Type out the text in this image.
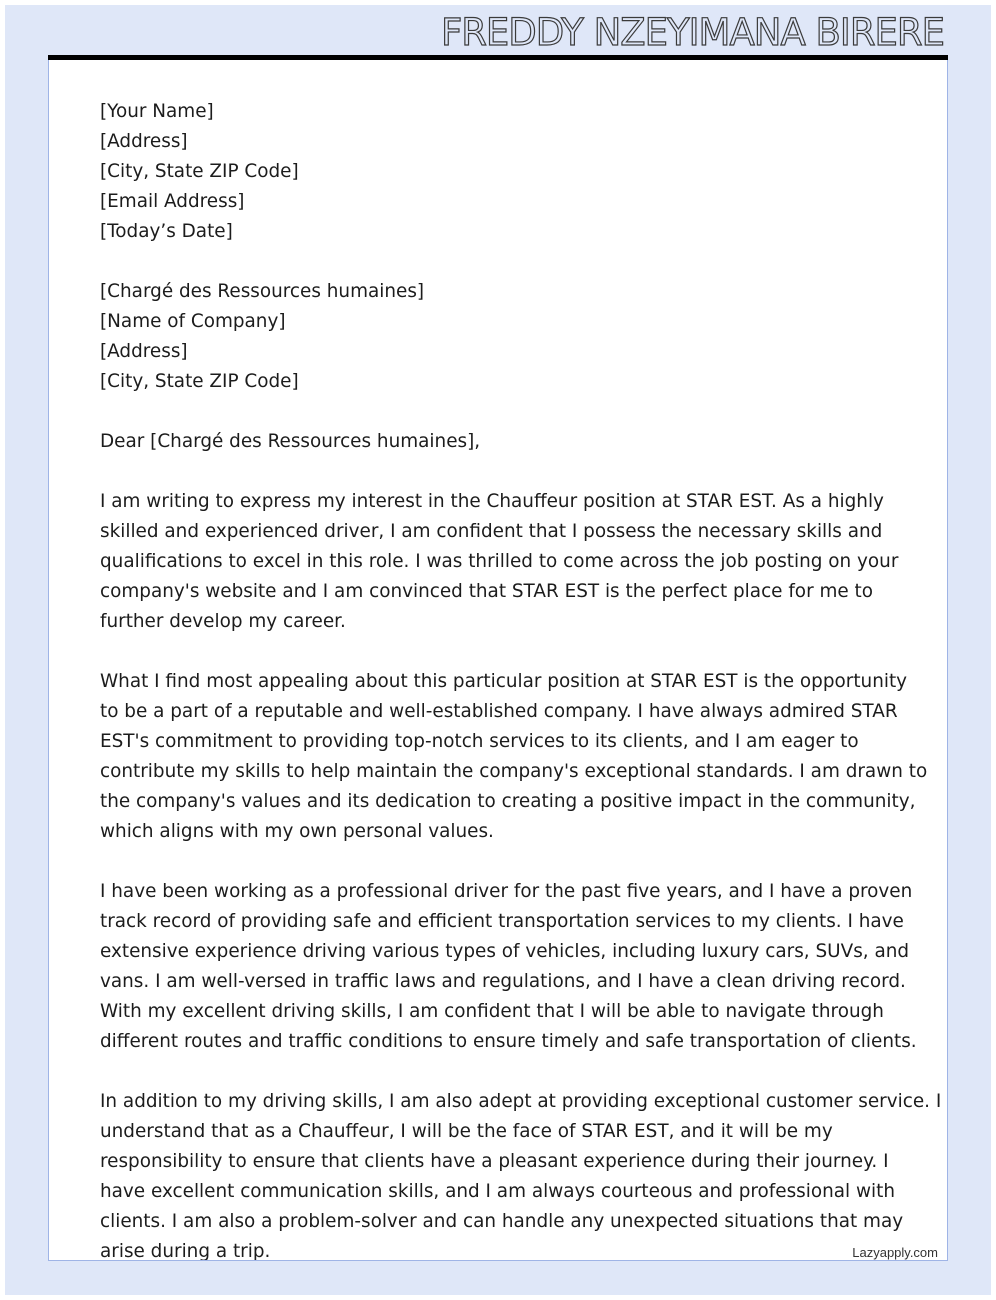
FREDDY NZEYIMANA BIRERE
[Your Name]
[Address]
[City, State ZIP Code]
[Email Address]
[Today’s Date]
[Chargé des Ressources humaines]
[Name of Company]
[Address]
[City, State ZIP Code]
Dear [Chargé des Ressources humaines],
I am writing to express my interest in the Chauffeur position at STAR EST. As a highly
skilled and experienced driver, I am confident that I possess the necessary skills and
qualifications to excel in this role. I was thrilled to come across the job posting on your
company's website and I am convinced that STAR EST is the perfect place for me to
further develop my career.
What I find most appealing about this particular position at STAR EST is the opportunity
to be a part of a reputable and well-established company. I have always admired STAR
EST's commitment to providing top-notch services to its clients, and I am eager to
contribute my skills to help maintain the company's exceptional standards. I am drawn to
the company's values and its dedication to creating a positive impact in the community,
which aligns with my own personal values.
I have been working as a professional driver for the past five years, and I have a proven
track record of providing safe and efficient transportation services to my clients. I have
extensive experience driving various types of vehicles, including luxury cars, SUVs, and
vans. I am well-versed in traffic laws and regulations, and I have a clean driving record.
With my excellent driving skills, I am confident that I will be able to navigate through
different routes and traffic conditions to ensure timely and safe transportation of clients.
In addition to my driving skills, I am also adept at providing exceptional customer service. I
understand that as a Chauffeur, I will be the face of STAR EST, and it will be my
responsibility to ensure that clients have a pleasant experience during their journey. I
have excellent communication skills, and I am always courteous and professional with
clients. I am also a problem-solver and can handle any unexpected situations that may
arise during a trip.	Lazyapply.com
